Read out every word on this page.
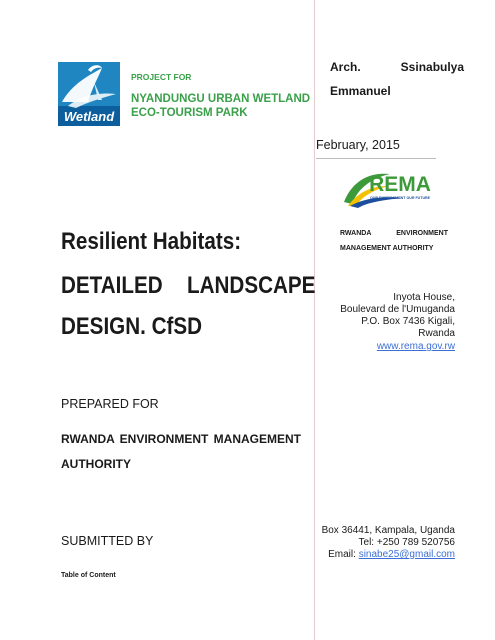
Wetland
PROJECT FOR
NYANDUNGU URBAN WETLAND
ECO-TOURISM PARK
Resilient Habitats:
DETAILED LANDSCAPE
DESIGN. CfSD
PREPARED FOR
RWANDA ENVIRONMENT MANAGEMENT
AUTHORITY
SUBMITTED BY
Table of Content
Arch.   Ssinabulya
Emmanuel
February, 2015
REMA
OUR ENVIRONMENT OUR FUTURE
RWANDA	ENVIRONMENT
MANAGEMENT AUTHORITY
Inyota House,
Boulevard de l'Umuganda
P.O. Box 7436 Kigali,
Rwanda
www.rema.gov.rw
Box 36441, Kampala, Uganda
Tel: +250 789 520756
Email: sinabe25@gmail.com
